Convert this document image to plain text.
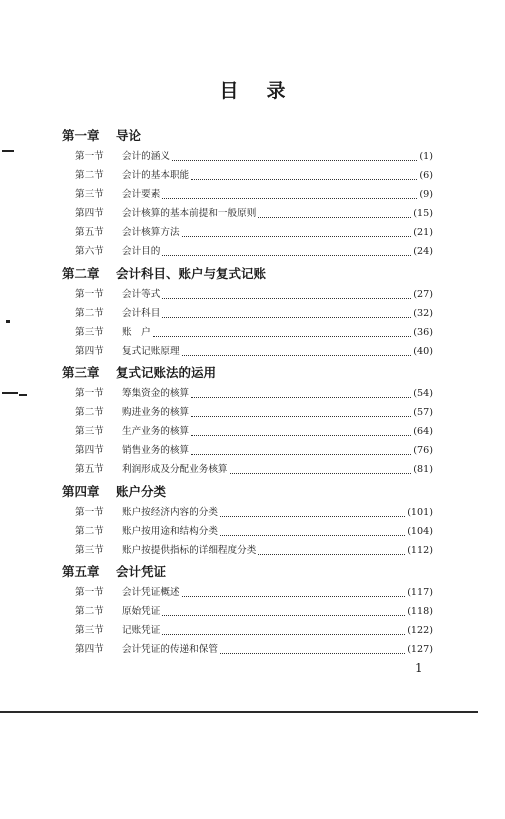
目 录
第一章 导论
第一节	会计的涵义	(1)
第二节	会计的基本职能	(6)
第三节	会计要素	(9)
第四节	会计核算的基本前提和一般原则	(15)
第五节	会计核算方法	(21)
第六节	会计目的	(24)
第二章 会计科目、账户与复式记账
第一节	会计等式	(27)
第二节	会计科目	(32)
第三节	账　户	(36)
第四节	复式记账原理	(40)
第三章 复式记账法的运用
第一节	筹集资金的核算	(54)
第二节	购进业务的核算	(57)
第三节	生产业务的核算	(64)
第四节	销售业务的核算	(76)
第五节	利润形成及分配业务核算	(81)
第四章 账户分类
第一节	账户按经济内容的分类	(101)
第二节	账户按用途和结构分类	(104)
第三节	账户按提供指标的详细程度分类	(112)
第五章 会计凭证
第一节	会计凭证概述	(117)
第二节	原始凭证	(118)
第三节	记账凭证	(122)
第四节	会计凭证的传递和保管	(127)
1
